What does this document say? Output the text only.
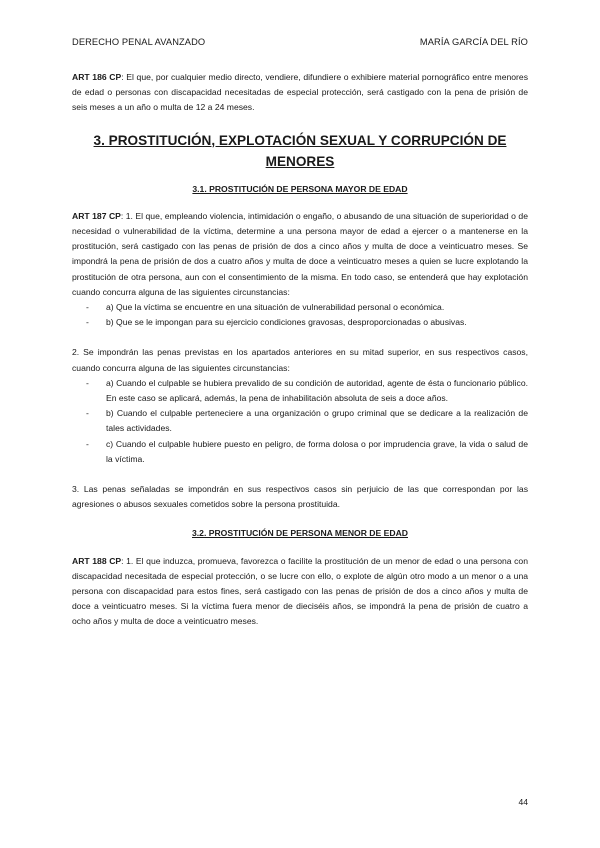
DERECHO PENAL AVANZADO	MARÍA GARCÍA DEL RÍO

ART 186 CP: El que, por cualquier medio directo, vendiere, difundiere o exhibiere material pornográfico entre menores de edad o personas con discapacidad necesitadas de especial protección, será castigado con la pena de prisión de seis meses a un año o multa de 12 a 24 meses.

3. PROSTITUCIÓN, EXPLOTACIÓN SEXUAL Y CORRUPCIÓN DE MENORES
3.1. PROSTITUCIÓN DE PERSONA MAYOR DE EDAD

ART 187 CP: 1. El que, empleando violencia, intimidación o engaño, o abusando de una situación de superioridad o de necesidad o vulnerabilidad de la víctima, determine a una persona mayor de edad a ejercer o a mantenerse en la prostitución, será castigado con las penas de prisión de dos a cinco años y multa de doce a veinticuatro meses. Se impondrá la pena de prisión de dos a cuatro años y multa de doce a veinticuatro meses a quien se lucre explotando la prostitución de otra persona, aun con el consentimiento de la misma. En todo caso, se entenderá que hay explotación cuando concurra alguna de las siguientes circunstancias:

- a) Que la víctima se encuentre en una situación de vulnerabilidad personal o económica.
- b) Que se le impongan para su ejercicio condiciones gravosas, desproporcionadas o abusivas.

2. Se impondrán las penas previstas en los apartados anteriores en su mitad superior, en sus respectivos casos, cuando concurra alguna de las siguientes circunstancias:

- a) Cuando el culpable se hubiera prevalido de su condición de autoridad, agente de ésta o funcionario público. En este caso se aplicará, además, la pena de inhabilitación absoluta de seis a doce años.
- b) Cuando el culpable perteneciere a una organización o grupo criminal que se dedicare a la realización de tales actividades.
- c) Cuando el culpable hubiere puesto en peligro, de forma dolosa o por imprudencia grave, la vida o salud de la víctima.

3. Las penas señaladas se impondrán en sus respectivos casos sin perjuicio de las que correspondan por las agresiones o abusos sexuales cometidos sobre la persona prostituida.

3.2. PROSTITUCIÓN DE PERSONA MENOR DE EDAD

ART 188 CP: 1. El que induzca, promueva, favorezca o facilite la prostitución de un menor de edad o una persona con discapacidad necesitada de especial protección, o se lucre con ello, o explote de algún otro modo a un menor o a una persona con discapacidad para estos fines, será castigado con las penas de prisión de dos a cinco años y multa de doce a veinticuatro meses. Si la víctima fuera menor de dieciséis años, se impondrá la pena de prisión de cuatro a ocho años y multa de doce a veinticuatro meses.

44
